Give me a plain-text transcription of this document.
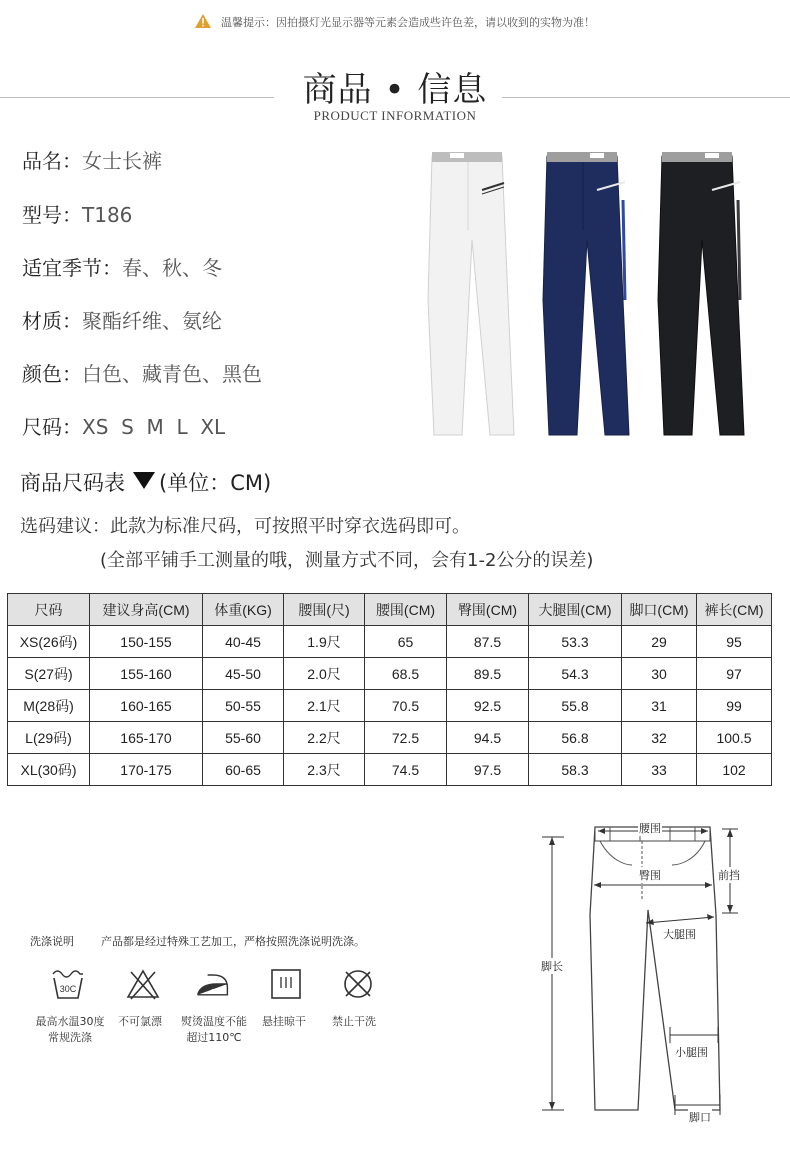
温馨提示：因拍摄灯光显示器等元素会造成些许色差，请以收到的实物为准！
商品 • 信息
PRODUCT INFORMATION
品名：女士长裤
型号：T186
适宜季节：春、秋、冬
材质：聚酯纤维、氨纶
颜色：白色、藏青色、黑色
尺码：XS  S  M  L  XL
商品尺码表 (单位：CM)
选码建议：此款为标准尺码，可按照平时穿衣选码即可。
(全部平铺手工测量的哦，测量方式不同，会有1-2公分的误差)
尺码	建议身高(CM)	体重(KG)	腰围(尺)	腰围(CM)	臀围(CM)	大腿围(CM)	脚口(CM)	裤长(CM)
XS(26码)	150-155	40-45	1.9尺	65	87.5	53.3	29	95
S(27码)	155-160	45-50	2.0尺	68.5	89.5	54.3	30	97
M(28码)	160-165	50-55	2.1尺	70.5	92.5	55.8	31	99
L(29码)	165-170	55-60	2.2尺	72.5	94.5	56.8	32	100.5
XL(30码)	170-175	60-65	2.3尺	74.5	97.5	58.3	33	102
洗涤说明 产品都是经过特殊工艺加工，严格按照洗涤说明洗涤。
30C
最高水温30度
常规洗涤
不可氯漂	熨烫温度不能
超过110℃
悬挂晾干	禁止干洗
腰围
臀围	前挡
大腿围
脚长
小腿围
脚口
